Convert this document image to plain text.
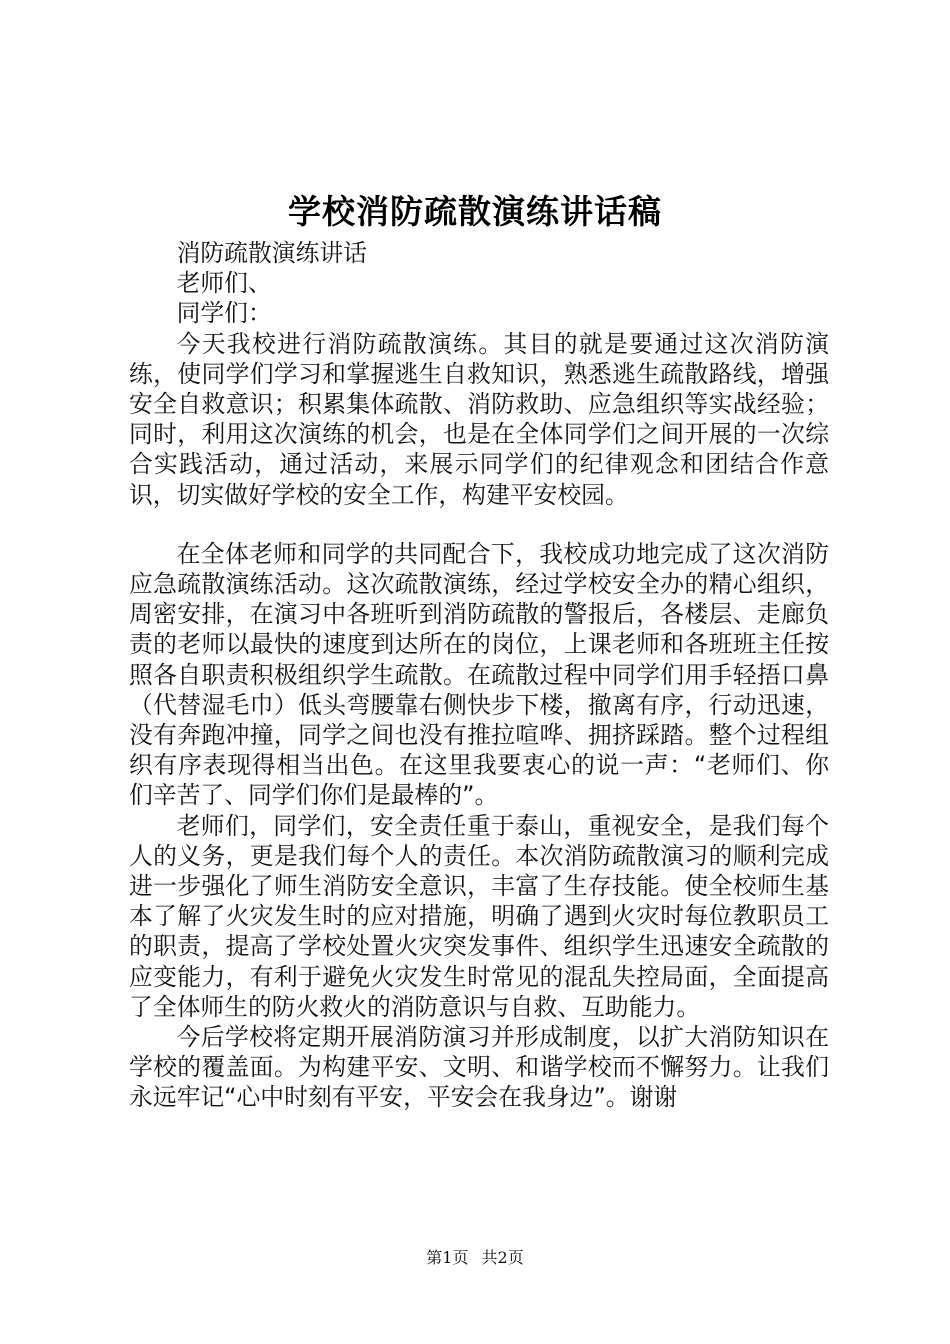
学校消防疏散演练讲话稿
消防疏散演练讲话
老师们、
同学们：

今天我校进行消防疏散演练。其目的就是要通过这次消防演练，使同学们学习和掌握逃生自救知识，熟悉逃生疏散路线，增强安全自救意识；积累集体疏散、消防救助、应急组织等实战经验；同时，利用这次演练的机会，也是在全体同学们之间开展的一次综合实践活动，通过活动，来展示同学们的纪律观念和团结合作意识，切实做好学校的安全工作，构建平安校园。

在全体老师和同学的共同配合下，我校成功地完成了这次消防应急疏散演练活动。这次疏散演练，经过学校安全办的精心组织，周密安排，在演习中各班听到消防疏散的警报后，各楼层、走廊负责的老师以最快的速度到达所在的岗位，上课老师和各班班主任按照各自职责积极组织学生疏散。在疏散过程中同学们用手轻捂口鼻（代替湿毛巾）低头弯腰靠右侧快步下楼，撤离有序，行动迅速，没有奔跑冲撞，同学之间也没有推拉喧哗、拥挤踩踏。整个过程组织有序表现得相当出色。在这里我要衷心的说一声：“老师们、你们辛苦了、同学们你们是最棒的”。

老师们，同学们，安全责任重于泰山，重视安全，是我们每个人的义务，更是我们每个人的责任。本次消防疏散演习的顺利完成进一步强化了师生消防安全意识，丰富了生存技能。使全校师生基本了解了火灾发生时的应对措施，明确了遇到火灾时每位教职员工的职责，提高了学校处置火灾突发事件、组织学生迅速安全疏散的应变能力，有利于避免火灾发生时常见的混乱失控局面，全面提高了全体师生的防火救火的消防意识与自救、互助能力。

今后学校将定期开展消防演习并形成制度，以扩大消防知识在学校的覆盖面。为构建平安、文明、和谐学校而不懈努力。让我们永远牢记“心中时刻有平安，平安会在我身边”。谢谢

第1页 共2页
